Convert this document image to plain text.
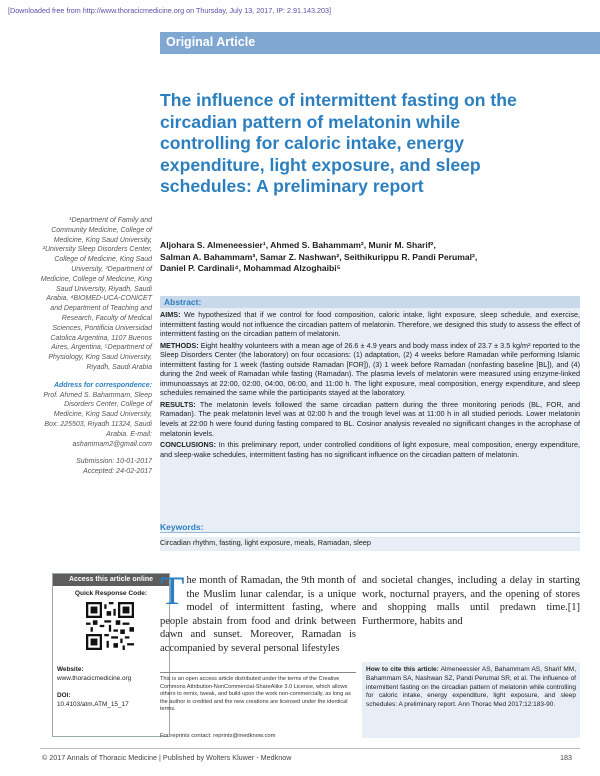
[Downloaded free from http://www.thoracicmedicine.org on Thursday, July 13, 2017, IP: 2.91.143.203]
Original Article
The influence of intermittent fasting on the circadian pattern of melatonin while controlling for caloric intake, energy expenditure, light exposure, and sleep schedules: A preliminary report
Aljohara S. Almeneessier¹, Ahmed S. Bahammam², Munir M. Sharif²,
Salman A. Bahammam³, Samar Z. Nashwan², Seithikurippu R. Pandi Perumal²,
Daniel P. Cardinali⁴, Mohammad Alzoghaibi⁵
¹Department of Family and Community Medicine, College of Medicine, King Saud University, ²University Sleep Disorders Center, College of Medicine, King Saud University, ³Department of Medicine, College of Medicine, King Saud University, Riyadh, Saudi Arabia, ⁴BIOMED-UCA-CONICET and Department of Teaching and Research, Faculty of Medical Sciences, Pontificia Universidad Catolica Argentina, 1107 Buenos Aires, Argentina, ⁵Department of Physiology, King Saud University, Riyadh, Saudi Arabia
Address for correspondence:
Prof. Ahmed S. Bahammam, Sleep Disorders Center, College of Medicine, King Saud University, Box: 225503, Riyadh 11324, Saudi Arabia. E-mail: ashammam2@gmail.com
Submission: 10-01-2017
Accepted: 24-02-2017
Abstract:

AIMS: We hypothesized that if we control for food composition, caloric intake, light exposure, sleep schedule, and exercise, intermittent fasting would not influence the circadian pattern of melatonin. Therefore, we designed this study to assess the effect of intermittent fasting on the circadian pattern of melatonin.

METHODS: Eight healthy volunteers with a mean age of 26.6 ± 4.9 years and body mass index of 23.7 ± 3.5 kg/m² reported to the Sleep Disorders Center (the laboratory) on four occasions: (1) adaptation, (2) 4 weeks before Ramadan while performing Islamic intermittent fasting for 1 week (fasting outside Ramadan [FOR]), (3) 1 week before Ramadan (nonfasting baseline [BL]), and (4) during the 2nd week of Ramadan while fasting (Ramadan). The plasma levels of melatonin were measured using enzyme-linked immunoassays at 22:00, 02:00, 04:00, 06:00, and 11:00 h. The light exposure, meal composition, energy expenditure, and sleep schedules remained the same while the participants stayed at the laboratory.

RESULTS: The melatonin levels followed the same circadian pattern during the three monitoring periods (BL, FOR, and Ramadan). The peak melatonin level was at 02:00 h and the trough level was at 11:00 h in all studied periods. Lower melatonin levels at 22:00 h were found during fasting compared to BL. Cosinor analysis revealed no significant changes in the acrophase of melatonin levels.

CONCLUSIONS: In this preliminary report, under controlled conditions of light exposure, meal composition, energy expenditure, and sleep-wake schedules, intermittent fasting has no significant influence on the circadian pattern of melatonin.

Keywords:
Circadian rhythm, fasting, light exposure, meals, Ramadan, sleep
Access this article online
Quick Response Code:
Website:
www.thoracicmedicine.org
DOI:
10.4103/atm.ATM_15_17
The month of Ramadan, the 9th month of the Muslim lunar calendar, is a unique model of intermittent fasting, where people abstain from food and drink between dawn and sunset. Moreover, Ramadan is accompanied by several personal lifestyles
and societal changes, including a delay in starting work, nocturnal prayers, and the opening of stores and shopping malls until predawn time.[1] Furthermore, habits and
This is an open access article distributed under the terms of the Creative Commons Attribution-NonCommercial-ShareAlike 3.0 License, which allows others to remix, tweak, and build upon the work non-commercially, as long as the author is credited and the new creations are licensed under the identical terms.
For reprints contact: reprints@medknow.com
How to cite this article: Almeneessier AS, Bahammam AS, Sharif MM, Bahammam SA, Nashwan SZ, Pandi Perumal SR, et al. The influence of intermittent fasting on the circadian pattern of melatonin while controlling for caloric intake, energy expenditure, light exposure, and sleep schedules: A preliminary report. Ann Thorac Med 2017;12:183-90.
© 2017 Annals of Thoracic Medicine | Published by Wolters Kluwer - Medknow	183
